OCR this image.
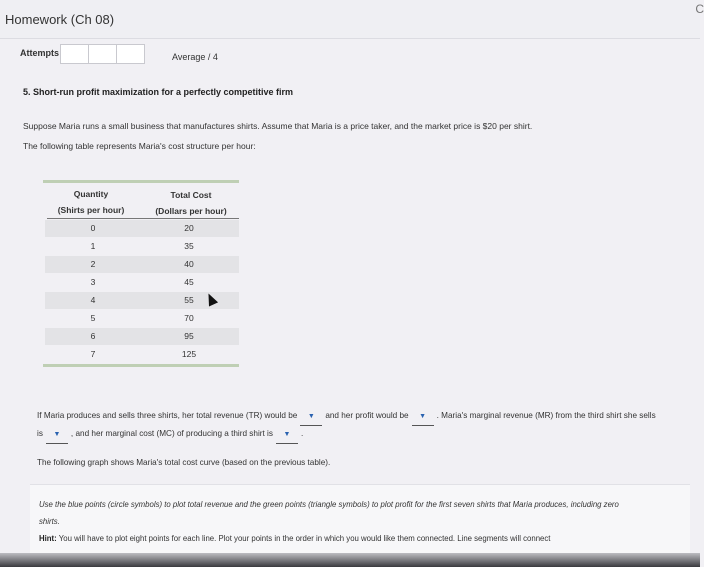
Homework (Ch 08)
C
Attempts	Average / 4
5. Short-run profit maximization for a perfectly competitive firm
Suppose Maria runs a small business that manufactures shirts. Assume that Maria is a price taker, and the market price is $20 per shirt.
The following table represents Maria's cost structure per hour:
Quantity
(Shirts per hour)
Total Cost
(Dollars per hour)
0	20
1	35
2	40
3	45
4	55
5	70
6	95
7	125
If Maria produces and sells three shirts, her total revenue (TR) would be ▼ and her profit would be ▼ . Maria's marginal revenue (MR) from the third shirt she sells is ▼ , and her marginal cost (MC) of producing a third shirt is ▼ .
The following graph shows Maria's total cost curve (based on the previous table).
Use the blue points (circle symbols) to plot total revenue and the green points (triangle symbols) to plot profit for the first seven shirts that Maria produces, including zero shirts.
Hint: You will have to plot eight points for each line. Plot your points in the order in which you would like them connected. Line segments will connect
